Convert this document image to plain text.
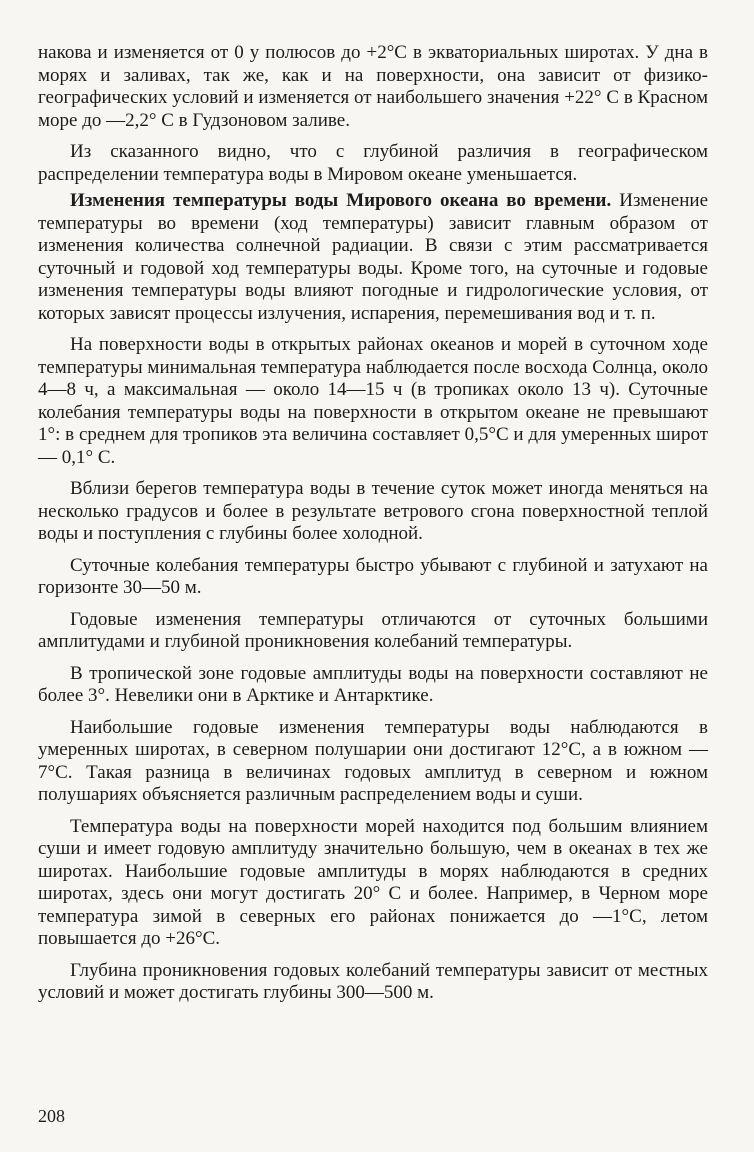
накова и изменяется от 0 у полюсов до +2°С в экваториальных широтах. У дна в морях и заливах, так же, как и на поверхности, она зависит от физико-географических условий и изменяется от наибольшего значения +22° С в Красном море до —2,2° С в Гудзоновом заливе.

Из сказанного видно, что с глубиной различия в географическом распределении температура воды в Мировом океане уменьшается.

Изменения температуры воды Мирового океана во времени. Изменение температуры во времени (ход температуры) зависит главным образом от изменения количества солнечной радиации. В связи с этим рассматривается суточный и годовой ход температуры воды. Кроме того, на суточные и годовые изменения температуры воды влияют погодные и гидрологические условия, от которых зависят процессы излучения, испарения, перемешивания вод и т. п.

На поверхности воды в открытых районах океанов и морей в суточном ходе температуры минимальная температура наблюдается после восхода Солнца, около 4—8 ч, а максимальная — около 14—15 ч (в тропиках около 13 ч). Суточные колебания температуры воды на поверхности в открытом океане не превышают 1°: в среднем для тропиков эта величина составляет 0,5°С и для умеренных широт — 0,1° С.

Вблизи берегов температура воды в течение суток может иногда меняться на несколько градусов и более в результате ветрового сгона поверхностной теплой воды и поступления с глубины более холодной.

Суточные колебания температуры быстро убывают с глубиной и затухают на горизонте 30—50 м.

Годовые изменения температуры отличаются от суточных большими амплитудами и глубиной проникновения колебаний температуры.

В тропической зоне годовые амплитуды воды на поверхности составляют не более 3°. Невелики они в Арктике и Антарктике.

Наибольшие годовые изменения температуры воды наблюдаются в умеренных широтах, в северном полушарии они достигают 12°С, а в южном — 7°С. Такая разница в величинах годовых амплитуд в северном и южном полушариях объясняется различным распределением воды и суши.

Температура воды на поверхности морей находится под большим влиянием суши и имеет годовую амплитуду значительно большую, чем в океанах в тех же широтах. Наибольшие годовые амплитуды в морях наблюдаются в средних широтах, здесь они могут достигать 20° С и более. Например, в Черном море температура зимой в северных его районах понижается до —1°С, летом повышается до +26°С.

Глубина проникновения годовых колебаний температуры зависит от местных условий и может достигать глубины 300—500 м.

208
